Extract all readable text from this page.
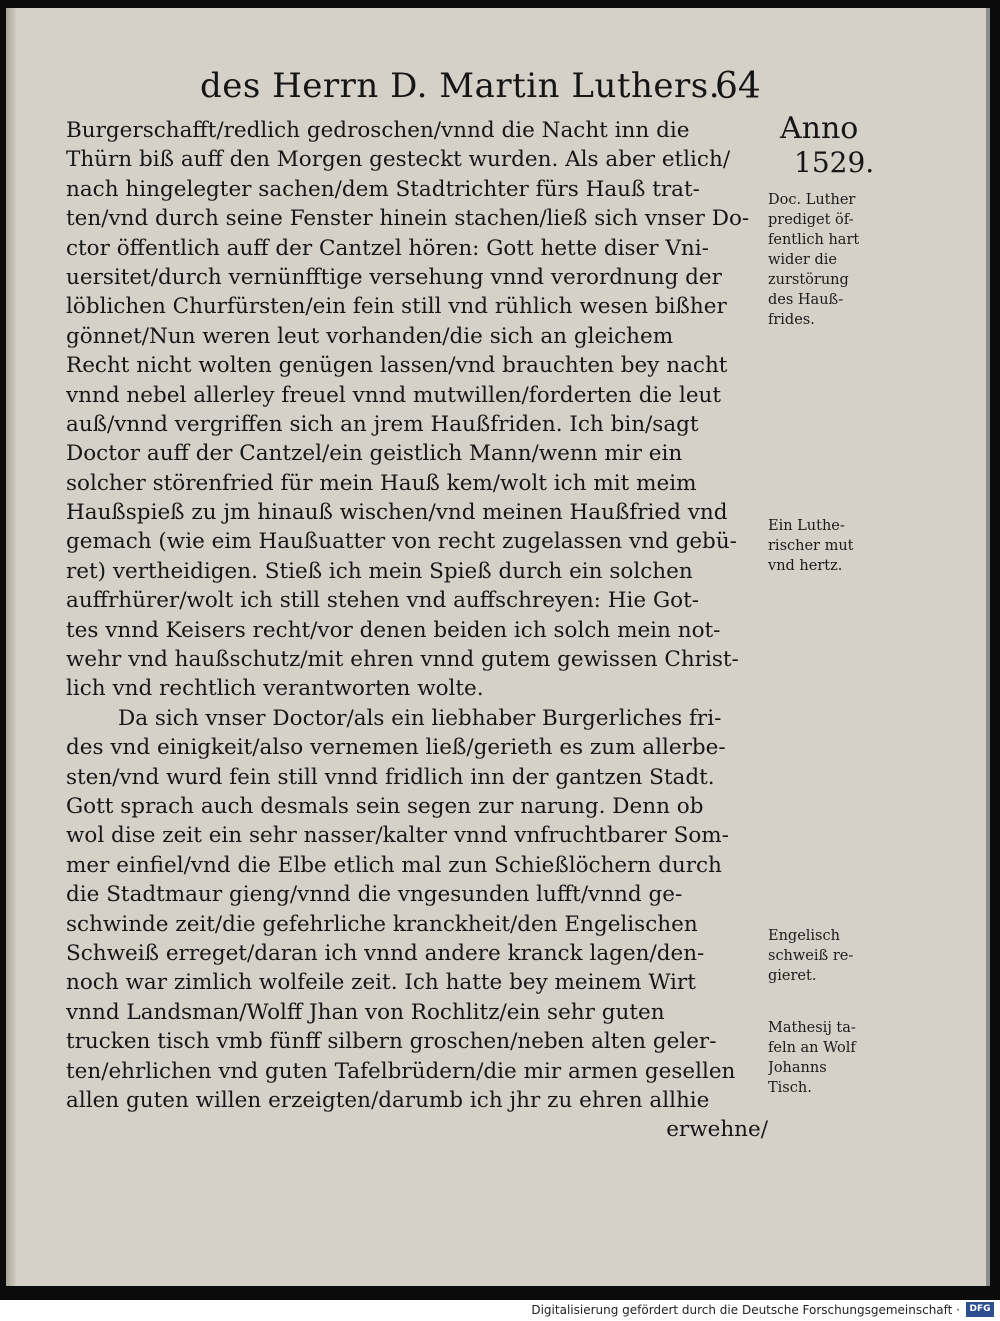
des Herrn D. Martin Luthers.
64
Burgerschafft/redlich gedroschen/vnnd die Nacht inn die
Thürn biß auff den Morgen gesteckt wurden. Als aber etlich/
nach hingelegter sachen/dem Stadtrichter fürs Hauß trat-
ten/vnd durch seine Fenster hinein stachen/ließ sich vnser Do-
ctor öffentlich auff der Cantzel hören: Gott hette diser Vni-
uersitet/durch vernünfftige versehung vnnd verordnung der
löblichen Churfürsten/ein fein still vnd rühlich wesen bißher
gönnet/Nun weren leut vorhanden/die sich an gleichem
Recht nicht wolten genügen lassen/vnd brauchten bey nacht
vnnd nebel allerley freuel vnnd mutwillen/forderten die leut
auß/vnnd vergriffen sich an jrem Haußfriden. Ich bin/sagt
Doctor auff der Cantzel/ein geistlich Mann/wenn mir ein
solcher störenfried für mein Hauß kem/wolt ich mit meim
Haußspieß zu jm hinauß wischen/vnd meinen Haußfried vnd
gemach (wie eim Haußuatter von recht zugelassen vnd gebü-
ret) vertheidigen. Stieß ich mein Spieß durch ein solchen
auffrhürer/wolt ich still stehen vnd auffschreyen: Hie Got-
tes vnnd Keisers recht/vor denen beiden ich solch mein not-
wehr vnd haußschutz/mit ehren vnnd gutem gewissen Christ-
lich vnd rechtlich verantworten wolte.
Da sich vnser Doctor/als ein liebhaber Burgerliches fri-
des vnd einigkeit/also vernemen ließ/gerieth es zum allerbe-
sten/vnd wurd fein still vnnd fridlich inn der gantzen Stadt.
Gott sprach auch desmals sein segen zur narung. Denn ob
wol dise zeit ein sehr nasser/kalter vnnd vnfruchtbarer Som-
mer einfiel/vnd die Elbe etlich mal zun Schießlöchern durch
die Stadtmaur gieng/vnnd die vngesunden lufft/vnnd ge-
schwinde zeit/die gefehrliche kranckheit/den Engelischen
Schweiß erreget/daran ich vnnd andere kranck lagen/den-
noch war zimlich wolfeile zeit. Ich hatte bey meinem Wirt
vnnd Landsman/Wolff Jhan von Rochlitz/ein sehr guten
trucken tisch vmb fünff silbern groschen/neben alten geler-
ten/ehrlichen vnd guten Tafelbrüdern/die mir armen gesellen
allen guten willen erzeigten/darumb ich jhr zu ehren allhie
erwehne/
Anno
1529.
Doc. Luther
prediget öf-
fentlich hart
wider die
zurstörung
des Hauß-
frides.
Ein Luthe-
rischer mut
vnd hertz.
Engelisch
schweiß re-
gieret.
Mathesij ta-
feln an Wolf
Johanns
Tisch.
Digitalisierung gefördert durch die Deutsche Forschungsgemeinschaft ·	DFG
